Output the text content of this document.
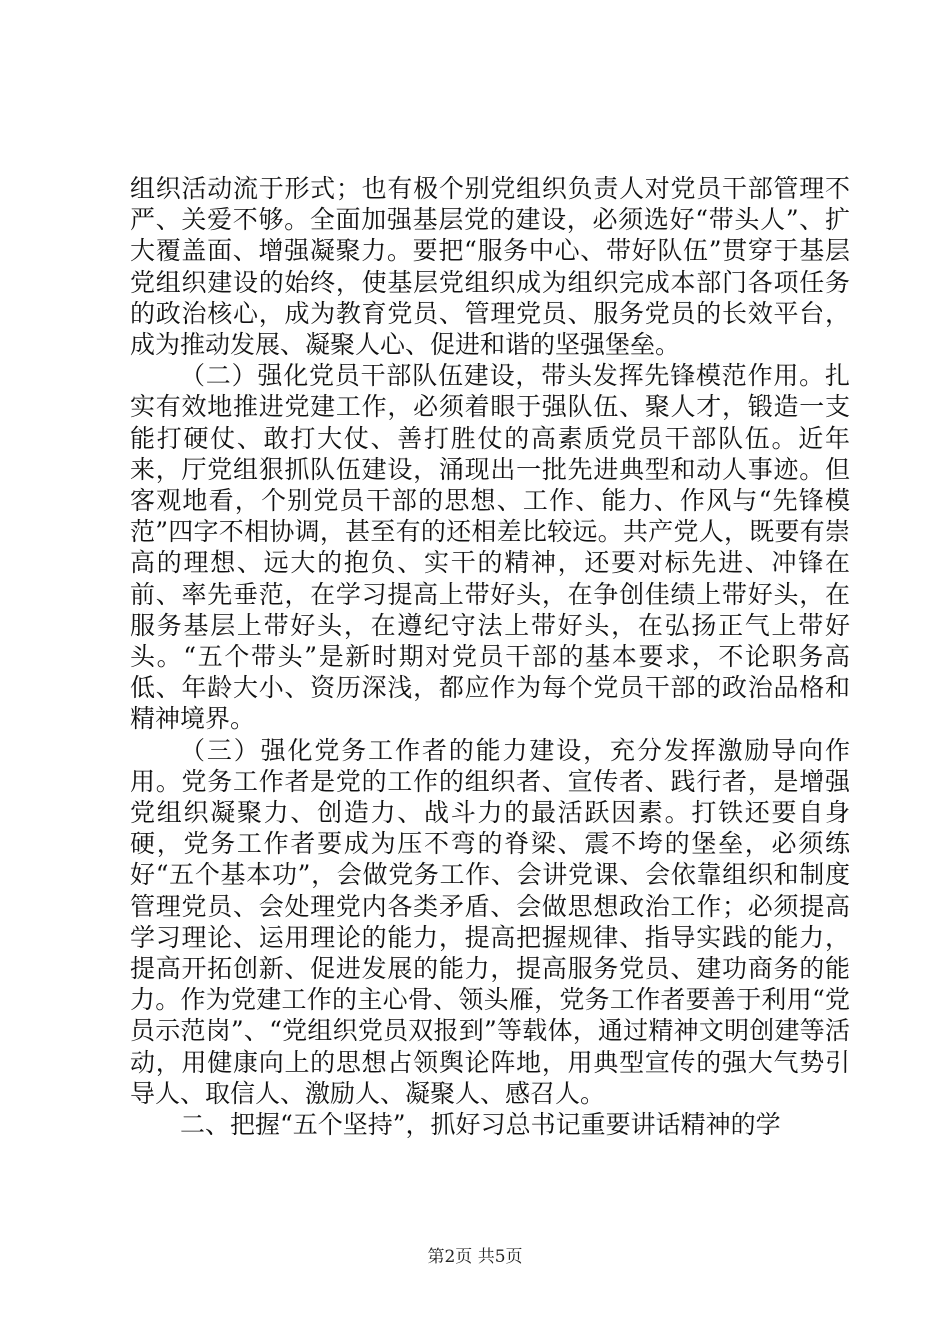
组织活动流于形式；也有极个别党组织负责人对党员干部管理不严、关爱不够。全面加强基层党的建设，必须选好“带头人”、扩大覆盖面、增强凝聚力。要把“服务中心、带好队伍”贯穿于基层党组织建设的始终，使基层党组织成为组织完成本部门各项任务的政治核心，成为教育党员、管理党员、服务党员的长效平台，成为推动发展、凝聚人心、促进和谐的坚强堡垒。

（二）强化党员干部队伍建设，带头发挥先锋模范作用。扎实有效地推进党建工作，必须着眼于强队伍、聚人才，锻造一支能打硬仗、敢打大仗、善打胜仗的高素质党员干部队伍。近年来，厅党组狠抓队伍建设，涌现出一批先进典型和动人事迹。但客观地看，个别党员干部的思想、工作、能力、作风与“先锋模范”四字不相协调，甚至有的还相差比较远。共产党人，既要有崇高的理想、远大的抱负、实干的精神，还要对标先进、冲锋在前、率先垂范，在学习提高上带好头，在争创佳绩上带好头，在服务基层上带好头，在遵纪守法上带好头，在弘扬正气上带好头。“五个带头”是新时期对党员干部的基本要求，不论职务高低、年龄大小、资历深浅，都应作为每个党员干部的政治品格和精神境界。

（三）强化党务工作者的能力建设，充分发挥激励导向作用。党务工作者是党的工作的组织者、宣传者、践行者，是增强党组织凝聚力、创造力、战斗力的最活跃因素。打铁还要自身硬，党务工作者要成为压不弯的脊梁、震不垮的堡垒，必须练好“五个基本功”，会做党务工作、会讲党课、会依靠组织和制度管理党员、会处理党内各类矛盾、会做思想政治工作；必须提高学习理论、运用理论的能力，提高把握规律、指导实践的能力，提高开拓创新、促进发展的能力，提高服务党员、建功商务的能力。作为党建工作的主心骨、领头雁，党务工作者要善于利用“党员示范岗”、“党组织党员双报到”等载体，通过精神文明创建等活动，用健康向上的思想占领舆论阵地，用典型宣传的强大气势引导人、取信人、激励人、凝聚人、感召人。

二、把握“五个坚持”，抓好习总书记重要讲话精神的学

第2页 共5页
